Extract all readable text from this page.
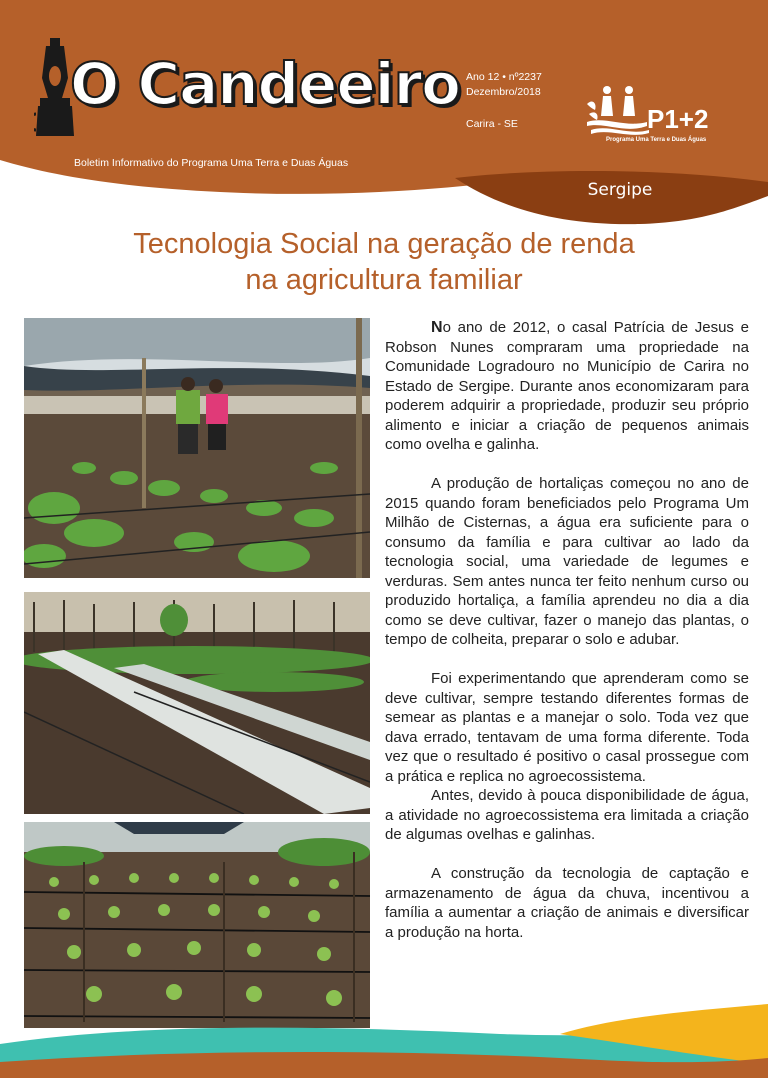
O Candeeiro
Boletim Informativo do Programa Uma Terra e Duas Águas
Ano 12 • nº2237
Dezembro/2018
Carira - SE	P1+2
Programa Uma Terra e Duas Águas
Sergipe
Tecnologia Social na geração de renda
na agricultura familiar

No ano de 2012, o casal Patrícia de Jesus e Robson Nunes compraram uma propriedade na Comunidade Logradouro no Município de Carira no Estado de Sergipe. Durante anos economizaram para poderem adquirir a propriedade, produzir seu próprio alimento e iniciar a criação de pequenos animais como ovelha e galinha.

A produção de hortaliças começou no ano de 2015 quando foram beneficiados pelo Programa Um Milhão de Cisternas, a água era suficiente para o consumo da família e para cultivar ao lado da tecnologia social, uma variedade de legumes e verduras. Sem antes nunca ter feito nenhum curso ou produzido hortaliça, a família aprendeu no dia a dia como se deve cultivar, fazer o manejo das plantas, o tempo de colheita, preparar o solo e adubar.

Foi experimentando que aprenderam como se deve cultivar, sempre testando diferentes formas de semear as plantas e a manejar o solo. Toda vez que dava errado, tentavam de uma forma diferente. Toda vez que o resultado é positivo o casal prossegue com a prática e replica no agroecossistema.

Antes, devido à pouca disponibilidade de água, a atividade no agroecossistema era limitada a criação de algumas ovelhas e galinhas.

A construção da tecnologia de captação e armazenamento de água da chuva, incentivou a família a aumentar a criação de animais e diversificar a produção na horta.
